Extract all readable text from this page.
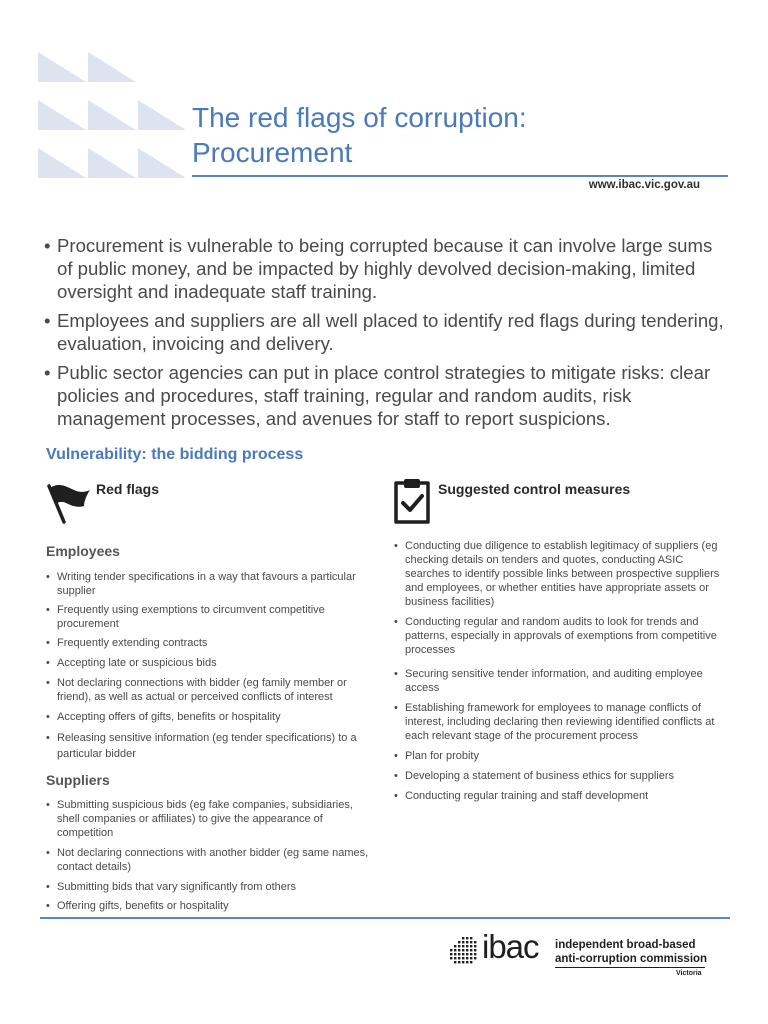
The red flags of corruption:
Procurement
www.ibac.vic.gov.au
• Procurement is vulnerable to being corrupted because it can involve large sums of public money, and be impacted by highly devolved decision-making, limited oversight and inadequate staff training.
• Employees and suppliers are all well placed to identify red flags during tendering, evaluation, invoicing and delivery.
• Public sector agencies can put in place control strategies to mitigate risks: clear policies and procedures, staff training, regular and random audits, risk management processes, and avenues for staff to report suspicions.
Vulnerability: the bidding process
Red flags
Employees
• Writing tender specifications in a way that favours a particular supplier
• Frequently using exemptions to circumvent competitive procurement
• Frequently extending contracts
• Accepting late or suspicious bids
• Not declaring connections with bidder (eg family member or friend), as well as actual or perceived conflicts of interest
• Accepting offers of gifts, benefits or hospitality
• Releasing sensitive information (eg tender specifications) to a particular bidder
Suppliers
• Submitting suspicious bids (eg fake companies, subsidiaries, shell companies or affiliates) to give the appearance of competition
• Not declaring connections with another bidder (eg same names, contact details)
• Submitting bids that vary significantly from others
• Offering gifts, benefits or hospitality
Suggested control measures
• Conducting due diligence to establish legitimacy of suppliers (eg checking details on tenders and quotes, conducting ASIC searches to identify possible links between prospective suppliers and employees, or whether entities have appropriate assets or business facilities)
• Conducting regular and random audits to look for trends and patterns, especially in approvals of exemptions from competitive processes
• Securing sensitive tender information, and auditing employee access
• Establishing framework for employees to manage conflicts of interest, including declaring then reviewing identified conflicts at each relevant stage of the procurement process
• Plan for probity
• Developing a statement of business ethics for suppliers
• Conducting regular training and staff development
ibac independent broad-based
anti-corruption commission
Victoria
